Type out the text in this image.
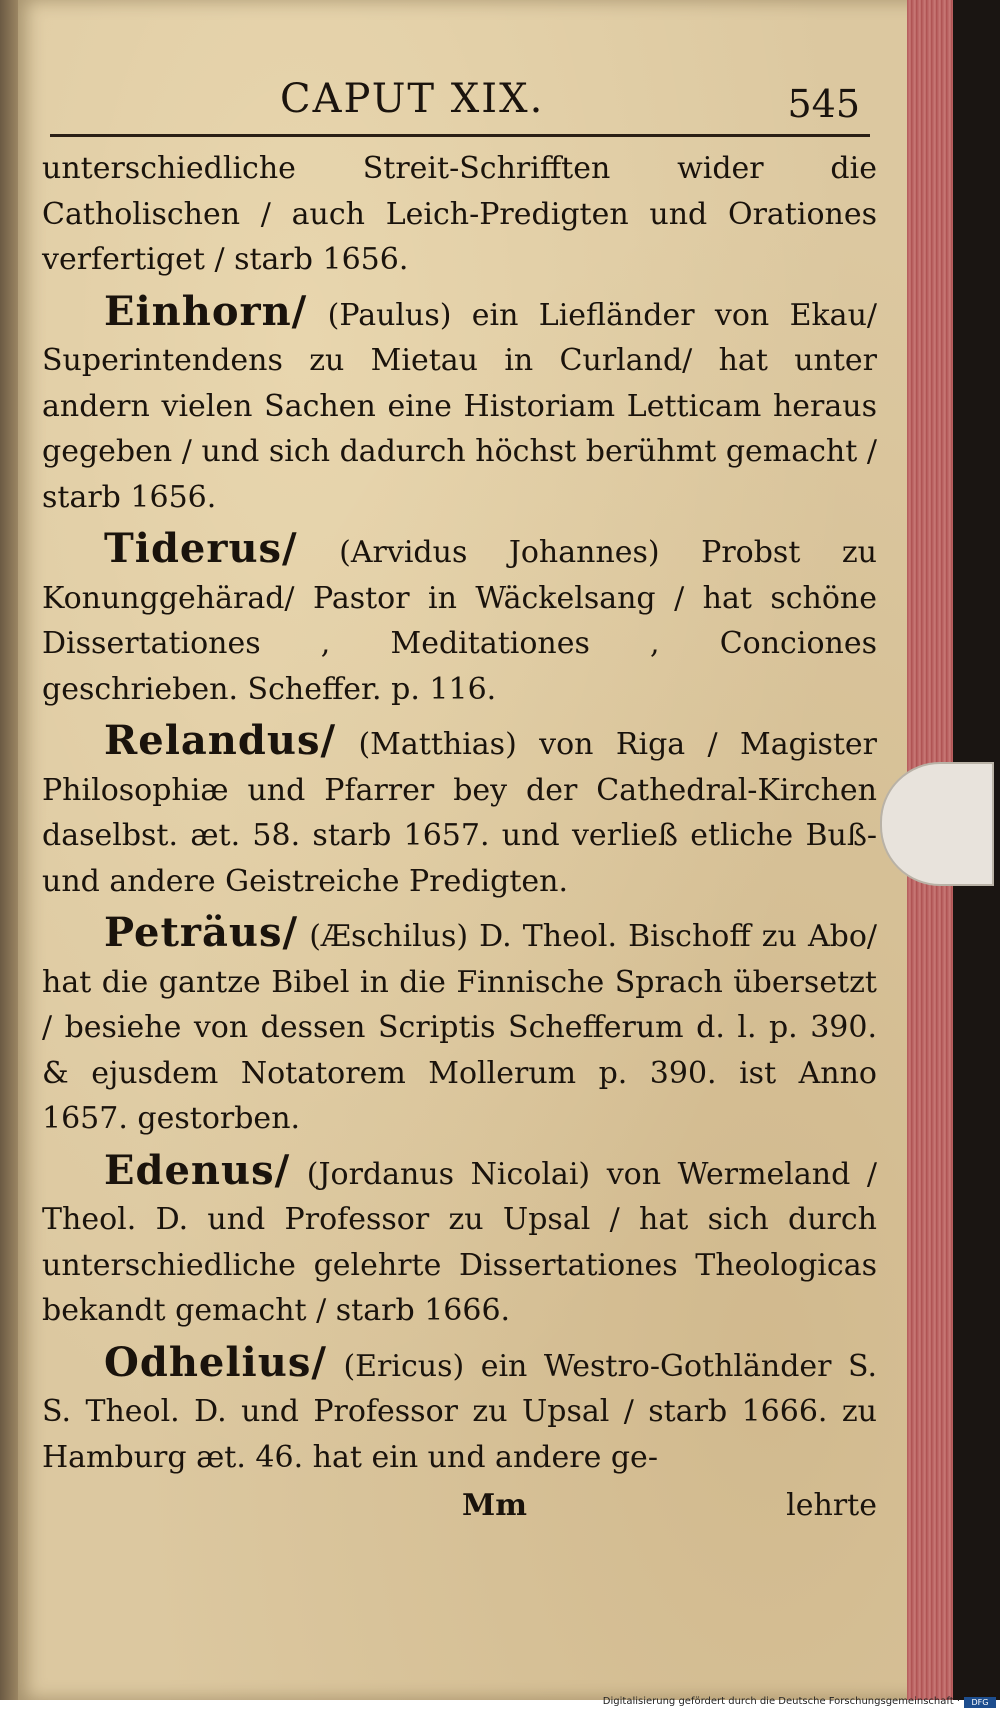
CAPUT XIX.	545

unterschiedliche Streit‑Schrifften wider die Catholischen / auch Leich‑Predigten und Orationes verfertiget / starb 1656.

Einhorn/ (Paulus) ein Liefländer von Ekau/ Superintendens zu Mietau in Curland/ hat unter andern vielen Sachen eine Historiam Letticam heraus gegeben / und sich dadurch höchst berühmt gemacht / starb 1656.

Tiderus/ (Arvidus Johannes) Probst zu Konunggehärad/ Pastor in Wäckelsang / hat schöne Dissertationes , Meditationes , Conciones geschrieben. Scheffer. p. 116.

Relandus/ (Matthias) von Riga / Magister Philosophiæ und Pfarrer bey der Cathedral‑Kirchen daselbst. æt. 58. starb 1657. und verließ etliche Buß‑ und andere Geistreiche Predigten.

Peträus/ (Æschilus) D. Theol. Bischoff zu Abo/ hat die gantze Bibel in die Finnische Sprach übersetzt / besiehe von dessen Scriptis Schefferum d. l. p. 390. & ejusdem Notatorem Mollerum p. 390. ist Anno 1657. gestorben.

Edenus/ (Jordanus Nicolai) von Wermeland / Theol. D. und Professor zu Upsal / hat sich durch unterschiedliche gelehrte Dissertationes Theologicas bekandt gemacht / starb 1666.

Odhelius/ (Ericus) ein Westro‑Gothländer S. S. Theol. D. und Professor zu Upsal / starb 1666. zu Hamburg æt. 46. hat ein und andere ge‑

Mm	lehrte
Digitalisierung gefördert durch die Deutsche Forschungsgemeinschaft ·	DFG
